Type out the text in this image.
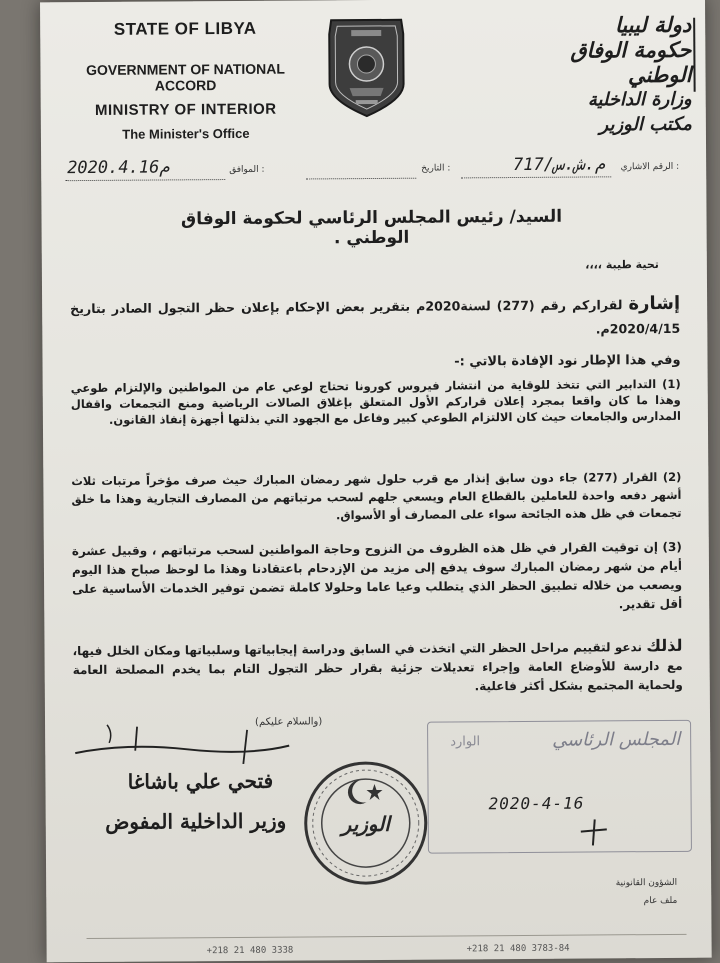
STATE OF LIBYA
GOVERNMENT OF NATIONAL ACCORD
MINISTRY OF INTERIOR
The Minister's Office
دولة ليبيا
حكومة الوفاق الوطني
وزارة الداخلية
مكتب الوزير
الرقم الاشاري :
م.ش.س/717
التاريخ :
الموافق :
2020.4.16م
السيد/ رئيس المجلس الرئاسي لحكومة الوفاق الوطني .
تحية طيبة ،،،،
إشارة لقراركم رقم (277) لسنة2020م بتقرير بعض الإحكام بإعلان حظر التجول الصادر بتاريخ 2020/4/15م.
وفي هذا الإطار نود الإفادة بالاتي :-
(1) التدابير التي تتخذ للوقاية من انتشار فيروس كورونا تحتاج لوعي عام من المواطنين والإلتزام طوعي وهذا ما كان واقعا بمجرد إعلان قراركم الأول المتعلق بإغلاق الصالات الرياضية ومنع التجمعات واقفال المدارس والجامعات حيث كان الالتزام الطوعي كبير وفاعل مع الجهود التي بذلتها أجهزة إنفاذ القانون.
(2) القرار (277) جاء دون سابق إنذار مع قرب حلول شهر رمضان المبارك حيث صرف مؤخراً مرتبات ثلاث أشهر دفعه واحدة للعاملين بالقطاع العام ويسعي جلهم لسحب مرتباتهم من المصارف التجارية وهذا ما خلق تجمعات في ظل هذه الجائحة سواء على المصارف أو الأسواق.
(3) إن توقيت القرار في ظل هذه الظروف من النزوح وحاجة المواطنين لسحب مرتباتهم ، وقبيل عشرة أيام من شهر رمضان المبارك سوف يدفع إلى مزيد من الإزدحام باعتقادنا وهذا ما لوحظ صباح هذا اليوم ويصعب من خلاله تطبيق الحظر الذي يتطلب وعيا عاما وحلولا كاملة تضمن توفير الخدمات الأساسية على أقل تقدير.
لذلك ندعو لتقييم مراحل الحظر التي اتخذت في السابق ودراسة إيجابياتها وسلبياتها ومكان الخلل فيها، مع دارسة للأوضاع العامة وإجراء تعديلات جزئية بقرار حظر التجول التام بما يخدم المصلحة العامة ولحماية المجتمع بشكل أكثر فاعلية.
(والسلام عليكم)
فتحي علي باشاغا
وزير الداخلية المفوض	الوزير
المجلس الرئاسي
الوارد
2020-4-16
الشؤون القانونية
ملف عام
+218 21 480 3338	+218 21 480 3783-84
